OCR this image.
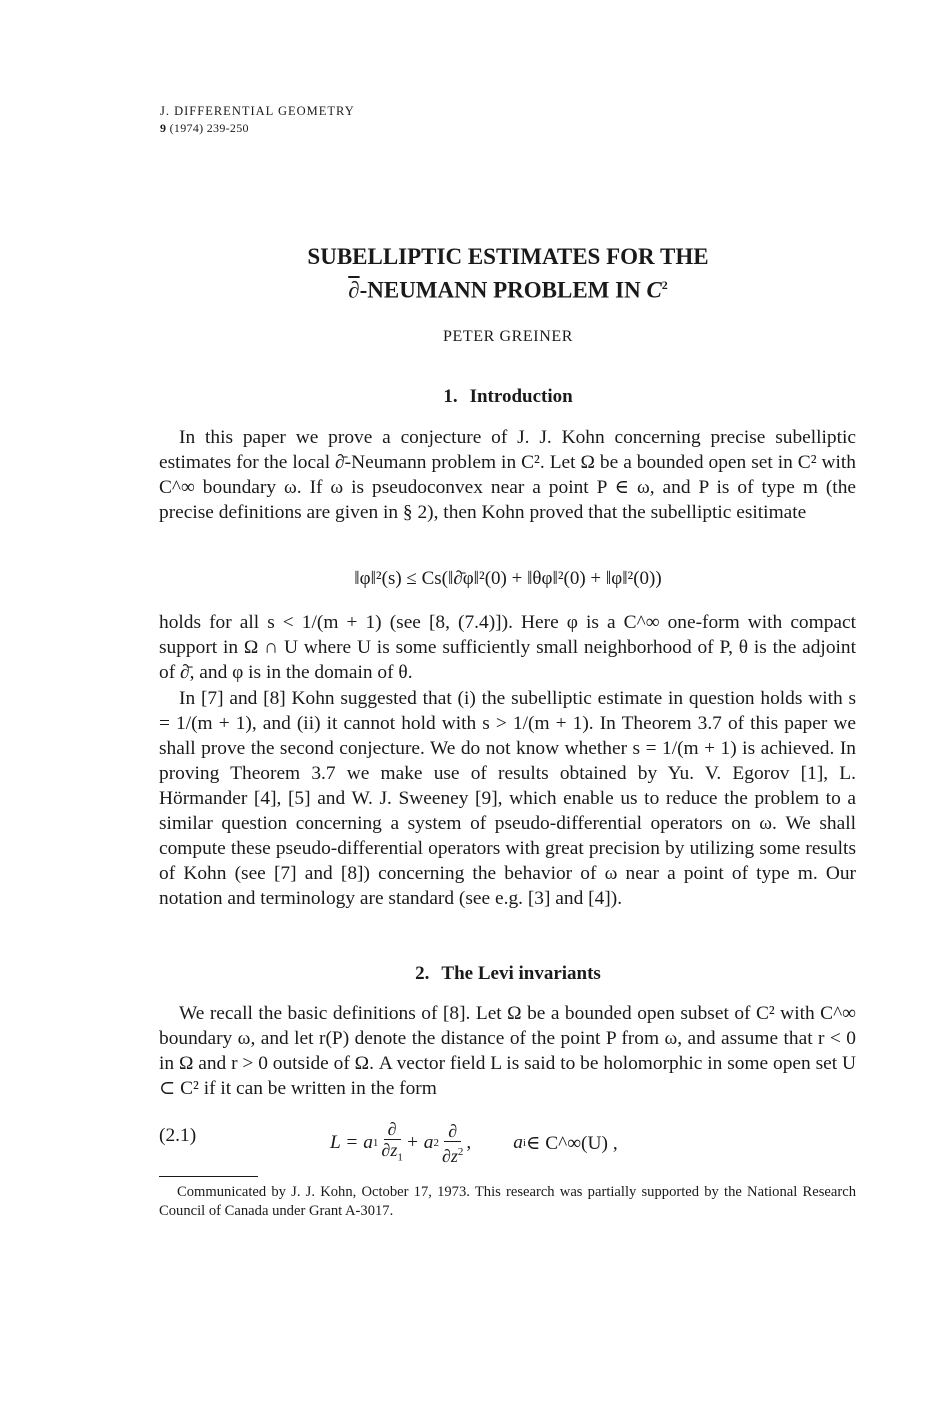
J. DIFFERENTIAL GEOMETRY
9 (1974) 239-250
SUBELLIPTIC ESTIMATES FOR THE
∂-NEUMANN PROBLEM IN $C^2$
PETER GREINER
1. Introduction

In this paper we prove a conjecture of J. J. Kohn concerning precise subelliptic estimates for the local ∂̄-Neumann problem in C². Let Ω be a bounded open set in C² with C^∞ boundary ω. If ω is pseudoconvex near a point P ∈ ω, and P is of type m (the precise definitions are given in § 2), then Kohn proved that the subelliptic esitimate

‖φ‖²(s) ≤ Cs(‖∂̄φ‖²(0) + ‖θφ‖²(0) + ‖φ‖²(0))

holds for all s < 1/(m + 1) (see [8, (7.4)]). Here φ is a C^∞ one-form with compact support in Ω ∩ U where U is some sufficiently small neighborhood of P, θ is the adjoint of ∂̄, and φ is in the domain of θ.

In [7] and [8] Kohn suggested that (i) the subelliptic estimate in question holds with s = 1/(m + 1), and (ii) it cannot hold with s > 1/(m + 1). In Theorem 3.7 of this paper we shall prove the second conjecture. We do not know whether s = 1/(m + 1) is achieved. In proving Theorem 3.7 we make use of results obtained by Yu. V. Egorov [1], L. Hörmander [4], [5] and W. J. Sweeney [9], which enable us to reduce the problem to a similar question concerning a system of pseudo-differential operators on ω. We shall compute these pseudo-differential operators with great precision by utilizing some results of Kohn (see [7] and [8]) concerning the behavior of ω near a point of type m. Our notation and terminology are standard (see e.g. [3] and [4]).

2. The Levi invariants

We recall the basic definitions of [8]. Let Ω be a bounded open subset of C² with C^∞ boundary ω, and let r(P) denote the distance of the point P from ω, and assume that r < 0 in Ω and r > 0 outside of Ω. A vector field L is said to be holomorphic in some open set U ⊂ C² if it can be written in the form

(2.1)	L = a $1 \frac{\partial}{\partial z_1} + a$ $2 \frac{\partial}{\partial z^2}$ , a i ∈ C^∞(U) ,

Communicated by J. J. Kohn, October 17, 1973. This research was partially supported by the National Research Council of Canada under Grant A-3017.
